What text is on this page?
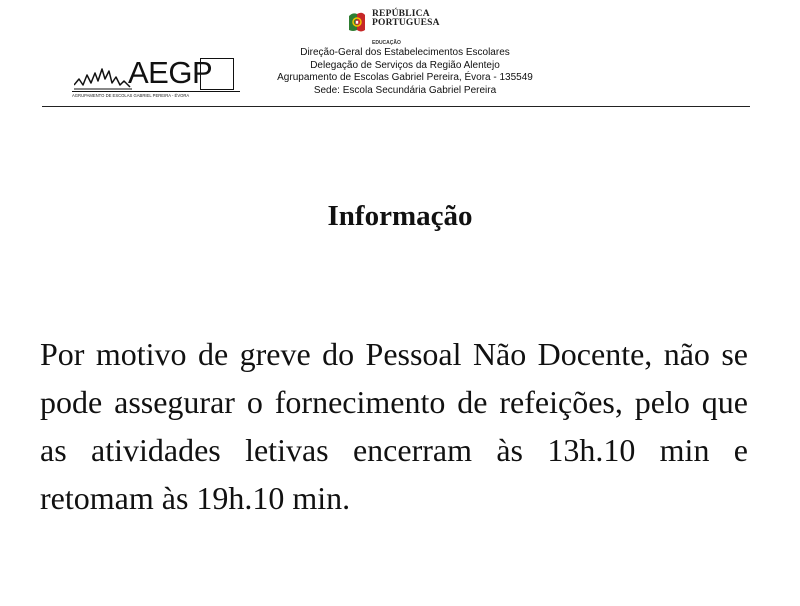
REPÚBLICA
PORTUGUESA
EDUCAÇÃO
AEGP
AGRUPAMENTO DE ESCOLAS GABRIEL PEREIRA - ÉVORA
Direção-Geral dos Estabelecimentos Escolares
Delegação de Serviços da Região Alentejo
Agrupamento de Escolas Gabriel Pereira, Évora - 135549
Sede: Escola Secundária Gabriel Pereira
Informação
Por motivo de greve do Pessoal Não Docente, não se pode assegurar o fornecimento de refeições, pelo que as atividades letivas encerram às 13h.10 min e retomam às 19h.10 min.
